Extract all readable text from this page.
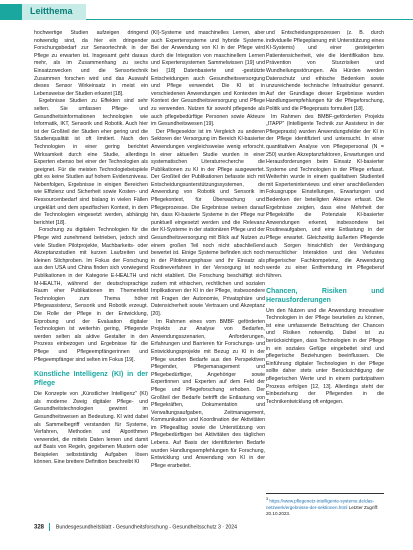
Leitthema

hochwertige Studien aufzeigen dringend notwendig sind, da hier ein dringender Forschungsbedarf zur Sensortechnik in der Pflege zu erwarten ist. Insgesamt geht daraus mehr, als im Zusammenhang zu sechs Einsatzzwecken und die Sensortechnik Zusammen forschen wird und das Auswahl dieses Sensor Wirkeinsatz in meist ein Lebensweise der Studien erkannt [18].

Ergebnisse Studien zu Effekten sind sehr selten. Sie umfassen Pflege- und Gesundheitsinformationen technologien wie Informatik, IKT, Sensorik und Robotik. Auch hier ist der Großteil der Studien eher gering und die Studienqualität ist oft limitiert. Nach den Technologien in einer gering berichtet Wirksamkeit durch eine Studie, allerdings Experten ebenso bei einer der Technologien als geeignet. Für die meisten Technologiebeispiele gibt es keine Studien auf hohem Evidenzniveau. Nebenfolgen, Ergebnisse in einigen Bereichen wie Effizienz und Sicherheit sowie Kosten- und Ressourcenbedarf sind bislang in vielen Fällen ungeklärt und dem spezifischen Kontext, in dem die Technologien eingesetzt werden, abhängig berichtet [18].

Forschung zu digitalen Technologien für die Pflege wird zunehmend betrieben, jedoch sind viele Studien Pilotprojekte, Machbarkeits- oder Akzeptanzstudien mit kurzen Laufzeiten und kleinen Stichproben. Im Fokus der Forschung aus den USA und China finden sich vorwiegend Publikationen in der Kategorie E-HEALTH und M-HEALTH, während der deutschsprachige Raum eher Publikationen im Themenfeld Technologien zum Thema höher Pflegeassistenz, Sensorik und Robotik erzeugt. Die Rolle der Pflege in der Entwicklung, Erprobung und der Evaluation digitaler Technologien ist weiterhin gering, Pflegende werden selten als aktive Gestalter in den Prozess einbezogen und Ergebnisse für die Pflege und Pflegeempfängerinnen und Pflegeempfänger sind selten im Fokus [19].

Künstliche Intelligenz (KI) in der Pflege

Die Konzepte von „Künstlicher Intelligenz“ (KI) als moderne Zweig digitaler Pflege- und Gesundheitstechnologien gewinnt im Gesundheitswesen an Bedeutung. KI wird dabei als Sammelbegriff verstanden für Systeme, Verfahren, Methoden und Algorithmen verwendet, die mittels Daten lernen und damit auf Basis von Regeln, gegebenen Mustern oder Beispielen selbstständig Aufgaben lösen können. Eine breitere Definition beschreibt KI

(KI)-Systeme und maschinelles Lernen, aber auch Expertensysteme und hybride Systeme. Bei der Anwendung von KI in der Pflege wird durch die Integration von maschinellem Lernen und Expertensystemen Sammelwissen [19] und bei [18] Datenbasierte und -gestützte Entscheidungen auch Gesundheitsversorgung und Pflege verwendet. Die KI ist in verschiedenen Anwendungen und Kontexten im Kontext der Gesundheitsversorgung und Pflege zu verwenden. Nutzen für sowohl pflegende als auch pflegebedürftige Personen sowie Akteure im Gesundheitswesen [19].

Der Pflegesektor ist im Vergleich zu anderen Sektoren der Versorgung im Bereich KI-basierter Anwendungen vergleichsweise wenig erforscht. In einer aktuellen Studie wurden in einer systematischen Literaturrecherche die Publikationen zu KI in der Pflege ausgewertet. Der Großteil der Publikationen befasste sich mit Entscheidungsunterstützungssystemen, die Anwendung von Robotik und Sensorik im Pflegekontext, für Überwachung und Pflegeprozesse. Die Ergebnisse weisen darauf hin, dass KI-basierte Systeme in der Pflege nur punktuell eingesetzt werden und die Relevanz der KI-Systeme in der stationären Pflege und der Gesundheitsversorgung mit Blick auf Nutzen zu einem großen Teil noch nicht abschließend bewertet ist. Einige Systeme befinden sich noch in der Pilotierungsphase und ihr Einsatz als Routineverfahren in der Versorgung ist noch nicht etabliert. Die Forschung beschäftigt sich zudem mit ethischen, rechtlichen und sozialen Implikationen der KI in der Pflege, insbesondere mit Fragen der Autonomie, Privatsphäre und Datensicherheit sowie Vertrauen und Akzeptanz [20].

Im Rahmen eines vom BMBF geförderten Projekts zur Analyse von Bedarfen, Anwendungsszenarien, Anforderungen, Erfahrungen und Barrieren für Forschungs- und Entwicklungsprojekte mit Bezug zu KI in der Pflege wurden Bedarfe aus den Perspektiven Pflegender, Pflegemanagement und Pflegebedürftiger, Angehöriger sowie Expertinnen und Experten auf dem Feld der Pflege und Pflegeforschung erhoben. Der Großteil der Bedarfe betrifft die Entlastung von Pflegekräften, Dokumentation und Verwaltungsaufgaben, Zeitmanagement, Kommunikation und Koordination der Aktivitäten im Pflegealltag sowie die Unterstützung von Pflegebedürftigen bei Aktivitäten des täglichen Lebens. Auf Basis der identifizierten Bedarfe wurden Handlungsempfehlungen für Forschung, Entwicklung und Anwendung von KI in der Pflege erarbeitet.

und Entscheidungsprozessen (z. B. durch individuelle Pflegeplanung mit Unterstützung eines KI-Systems) und einer gesteigerten Patientensicherheit, wie die Identifikation bzw. Prävention von Sturzrisiken und Wundheilungsstörungen. Als Hürden werden Datenschutz und ethische Bedenken sowie unzureichende technische Infrastruktur genannt. Auf der Grundlage dieser Ergebnisse wurden Handlungsempfehlungen für die Pflegeforschung, Politik und die Pflegepraxis formuliert [18].

Im Rahmen des BMBF-geförderten Projekts „ITAPP“ (Intelligente Technik zur Assistenz in der Pflegepraxis) wurden Anwendungsfelder der KI in der Pflege identifiziert und untersucht. In einer quantitativen Analyse von Pflegepersonal (N = 250) wurden Akzeptanzfaktoren, Erwartungen und Herausforderungen beim Einsatz KI-basierter Systeme und Technologien in der Pflege erfasst. Weiterhin wurde in einem qualitativen Studienteil mit Experteninterviews und einer anschließenden Fokusgruppe Einstellungen, Erwartungen und Bedenken der beteiligten Akteure erfasst. Die Ergebnisse zeigten, dass eine Mehrheit der Pflegekräfte die Potenziale KI-basierter Anwendungen erkennt, insbesondere bei Routineaufgaben, und eine Entlastung in der Pflege erwartet. Gleichzeitig äußerten Pflegende auch Sorgen hinsichtlich der Verdrängung menschlicher Interaktion und des Verlustes pflegerischer Fachkompetenz, die Anwendung werde zu einer Entfremdung im Pflegeberuf führen.

Chancen, Risiken und Herausforderungen

Um den Nutzen und die Anwendung innovativer Technologien in der Pflege beurteilen zu können, ist eine umfassende Betrachtung der Chancen und Risiken notwendig. Dabei ist zu berücksichtigen, dass Technologien in der Pflege in ein soziales Gefüge eingebettet sind und pflegerische Beziehungen beeinflussen. Die Einführung digitaler Technologien in der Pflege sollte daher stets unter Berücksichtigung der pflegerischen Werte und in einem partizipativen Prozess erfolgen [12, 13]. Allerdings steht der Einbeziehung der Pflegenden in die Technikentwicklung oft entgegen.

$^3$ https://www.pflegenetz-intelligente-systeme.de/das-netzwerk/ergebnisse-der-sektionen.html Letzter Zugriff: 20.10.2023.
328 Bundesgesundheitsblatt - Gesundheitsforschung - Gesundheitsschutz 3 · 2024
